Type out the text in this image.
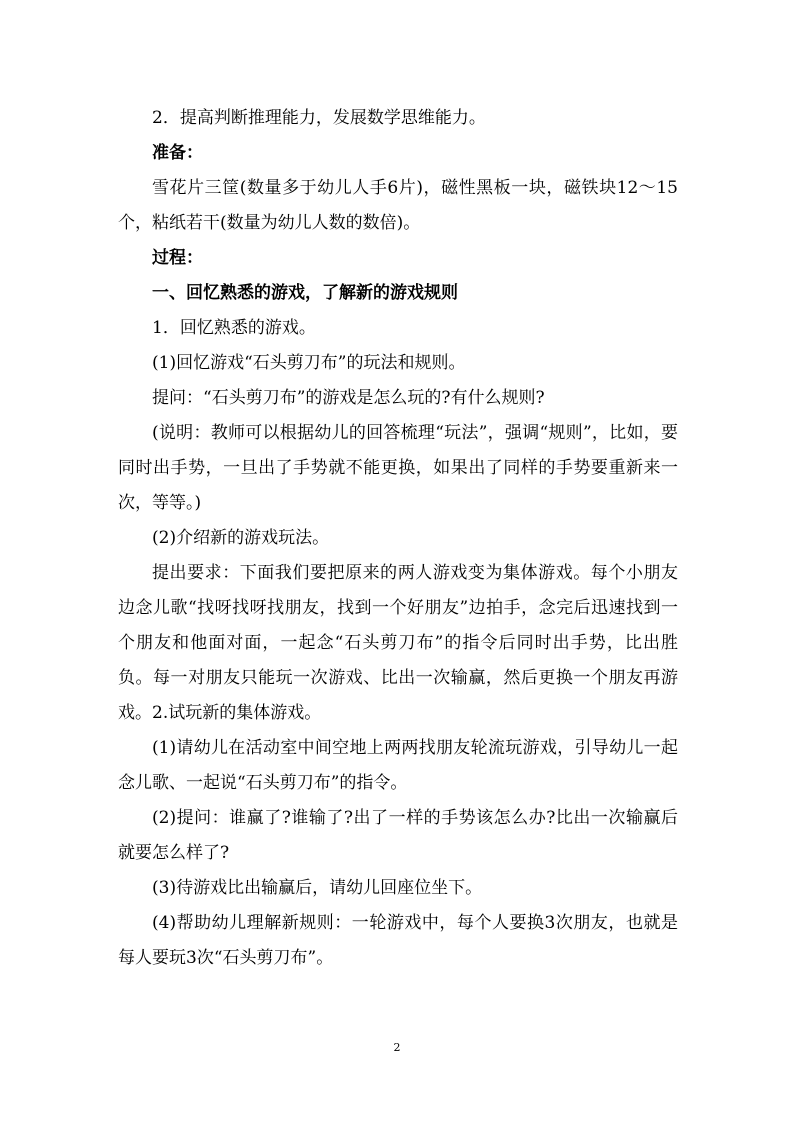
2．提高判断推理能力，发展数学思维能力。

准备：

雪花片三筐(数量多于幼儿人手6片)，磁性黑板一块，磁铁块12～15个，粘纸若干(数量为幼儿人数的数倍)。

过程：

一、回忆熟悉的游戏，了解新的游戏规则

1．回忆熟悉的游戏。

(1)回忆游戏“石头剪刀布”的玩法和规则。

提问：“石头剪刀布”的游戏是怎么玩的?有什么规则?

(说明：教师可以根据幼儿的回答梳理“玩法”，强调“规则”，比如，要同时出手势，一旦出了手势就不能更换，如果出了同样的手势要重新来一次，等等。)

(2)介绍新的游戏玩法。

提出要求：下面我们要把原来的两人游戏变为集体游戏。每个小朋友边念儿歌“找呀找呀找朋友，找到一个好朋友”边拍手，念完后迅速找到一个朋友和他面对面，一起念“石头剪刀布”的指令后同时出手势，比出胜负。每一对朋友只能玩一次游戏、比出一次输赢，然后更换一个朋友再游戏。 2.试玩新的集体游戏。

(1)请幼儿在活动室中间空地上两两找朋友轮流玩游戏，引导幼儿一起念儿歌、一起说“石头剪刀布”的指令。

(2)提问：谁赢了?谁输了?出了一样的手势该怎么办?比出一次输赢后就要怎么样了?

(3)待游戏比出输赢后，请幼儿回座位坐下。

(4)帮助幼儿理解新规则：一轮游戏中，每个人要换3次朋友，也就是每人要玩3次“石头剪刀布”。

2
